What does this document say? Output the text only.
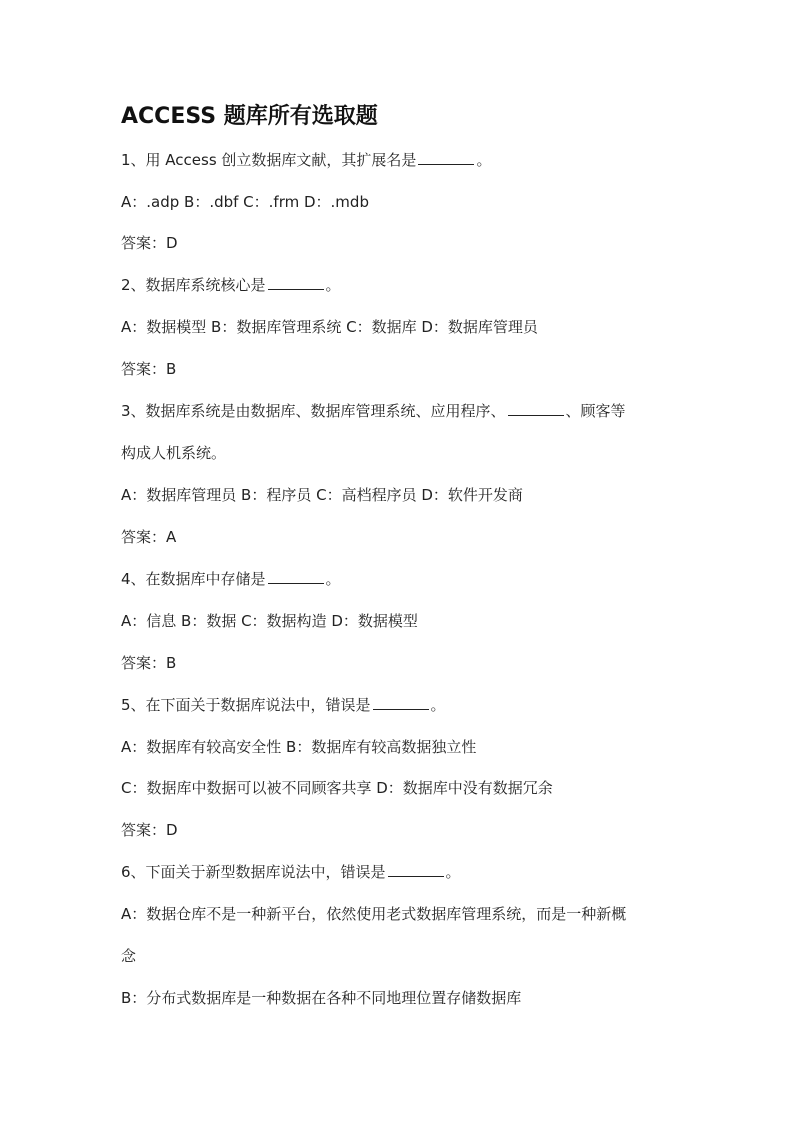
ACCESS 题库所有选取题
1、用 Access 创立数据库文献，其扩展名是	。
A：.adp B：.dbf C：.frm D：.mdb
答案：D
2、数据库系统核心是	。
A：数据模型 B：数据库管理系统 C：数据库 D：数据库管理员
答案：B
3、数据库系统是由数据库、数据库管理系统、应用程序、	、顾客等
构成人机系统。
A：数据库管理员 B：程序员 C：高档程序员 D：软件开发商
答案：A
4、在数据库中存储是	。
A：信息 B：数据 C：数据构造 D：数据模型
答案：B
5、在下面关于数据库说法中，错误是	。
A：数据库有较高安全性 B：数据库有较高数据独立性
C：数据库中数据可以被不同顾客共享 D：数据库中没有数据冗余
答案：D
6、下面关于新型数据库说法中，错误是	。
A：数据仓库不是一种新平台，依然使用老式数据库管理系统，而是一种新概
念
B：分布式数据库是一种数据在各种不同地理位置存储数据库
